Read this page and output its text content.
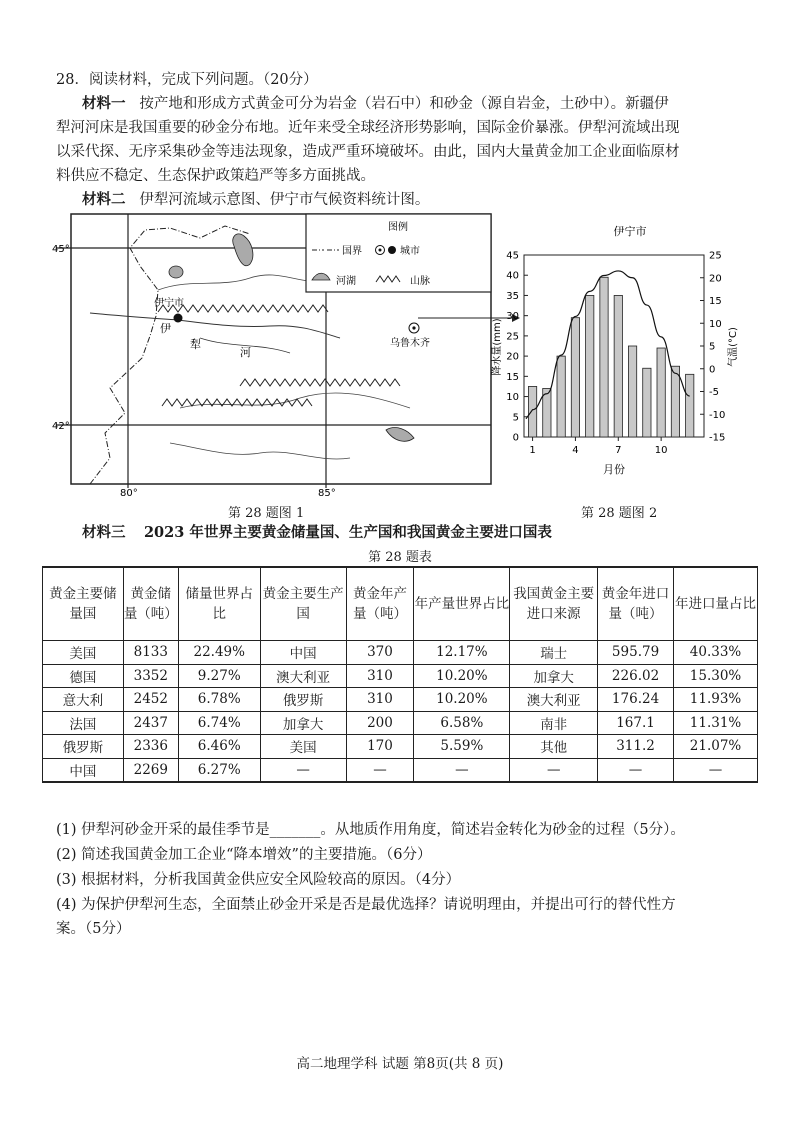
28．阅读材料，完成下列问题。（20分）
材料一 按产地和形成方式黄金可分为岩金（岩石中）和砂金（源自岩金，土砂中）。新疆伊
犁河河床是我国重要的砂金分布地。近年来受全球经济形势影响，国际金价暴涨。伊犁河流域出现
以采代探、无序采集砂金等违法现象，造成严重环境破坏。由此，国内大量黄金加工企业面临原材
料供应不稳定、生态保护政策趋严等多方面挑战。
材料二 伊犁河流域示意图、伊宁市气候资料统计图。
45°
42°
80°	85°
伊宁市
乌鲁木齐
伊
犁
河
图例
国界	城市
河湖	山脉
第 28 题图 1
伊宁市
降水量(mm)	气温(°C)
月份
0
5
10
15
20
25
30
35
40
45
-15
-10
-5
0
5
10
15
20
25
1	4	7	10
第 28 题图 2
材料三 2023 年世界主要黄金储量国、生产国和我国黄金主要进口国表
第 28 题表
黄金主要储量国	黄金储量（吨）	储量世界占比	黄金主要生产国	黄金年产量（吨）	年产量世界占比	我国黄金主要进口来源	黄金年进口量（吨）	年进口量占比
美国	8133	22.49%	中国	370	12.17%	瑞士	595.79	40.33%
德国	3352	9.27%	澳大利亚	310	10.20%	加拿大	226.02	15.30%
意大利	2452	6.78%	俄罗斯	310	10.20%	澳大利亚	176.24	11.93%
法国	2437	6.74%	加拿大	200	6.58%	南非	167.1	11.31%
俄罗斯	2336	6.46%	美国	170	5.59%	其他	311.2	21.07%
中国	2269	6.27%	—	—	—	—	—	—
(1) 伊犁河砂金开采的最佳季节是_______。从地质作用角度，简述岩金转化为砂金的过程（5分）。
(2) 简述我国黄金加工企业“降本增效”的主要措施。（6分）
(3) 根据材料，分析我国黄金供应安全风险较高的原因。（4分）
(4) 为保护伊犁河生态，全面禁止砂金开采是否是最优选择？请说明理由，并提出可行的替代性方
案。（5分）
高二地理学科 试题 第8页(共 8 页)
